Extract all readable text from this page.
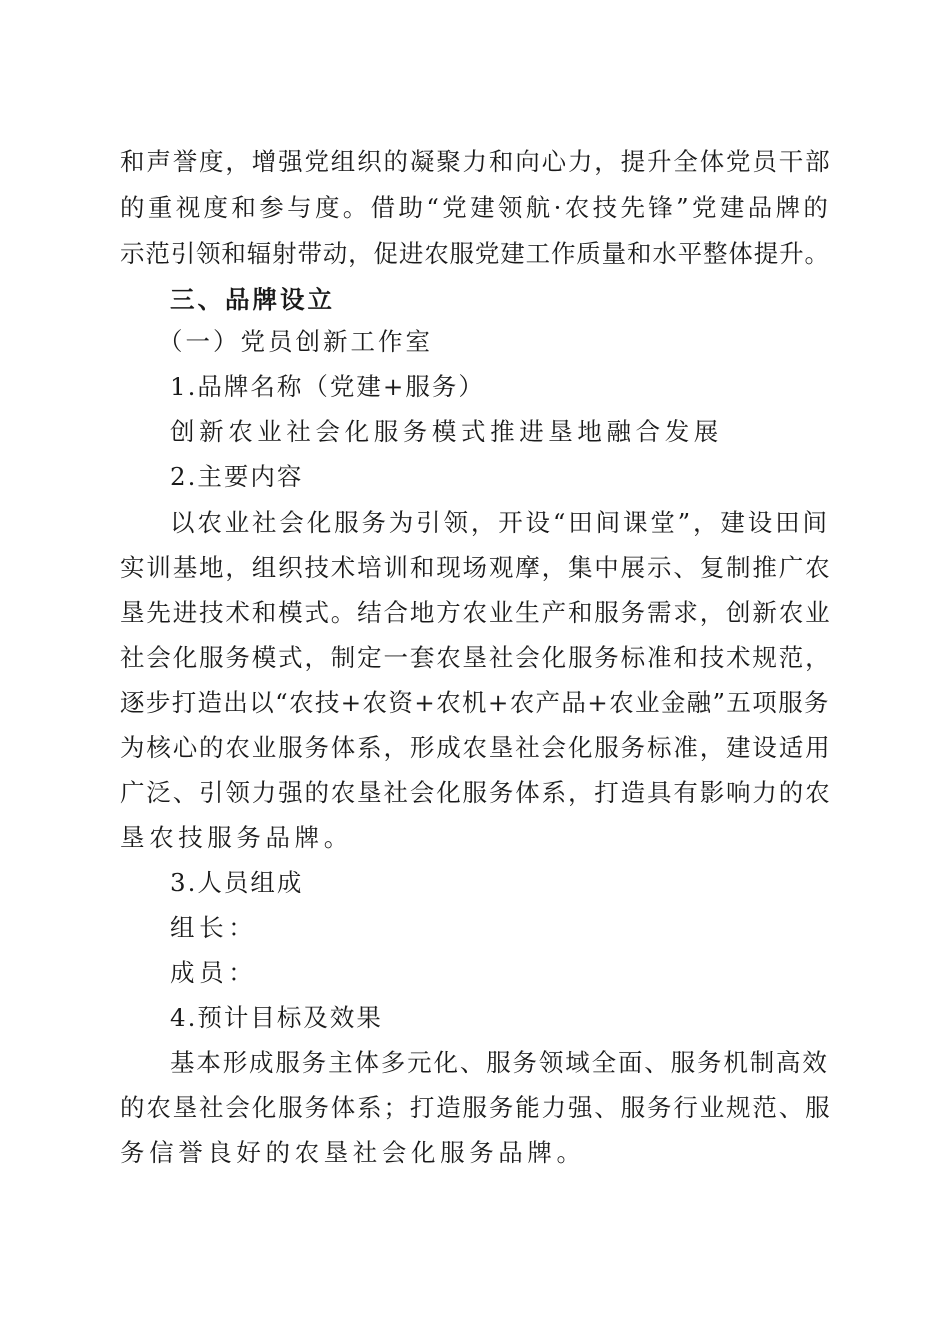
和声誉度，增强党组织的凝聚力和向心力，提升全体党员干部
的重视度和参与度。借助“党建领航·农技先锋”党建品牌的
示范引领和辐射带动，促进农服党建工作质量和水平整体提升。
三、品牌设立
（一）党员创新工作室
1.品牌名称（党建+服务）
创新农业社会化服务模式推进垦地融合发展
2.主要内容
以农业社会化服务为引领，开设“田间课堂”，建设田间
实训基地，组织技术培训和现场观摩，集中展示、复制推广农
垦先进技术和模式。结合地方农业生产和服务需求，创新农业
社会化服务模式，制定一套农垦社会化服务标准和技术规范，
逐步打造出以“农技+农资+农机+农产品+农业金融”五项服务
为核心的农业服务体系，形成农垦社会化服务标准，建设适用
广泛、引领力强的农垦社会化服务体系，打造具有影响力的农
垦农技服务品牌。
3.人员组成
组长：
成员：
4.预计目标及效果
基本形成服务主体多元化、服务领域全面、服务机制高效
的农垦社会化服务体系；打造服务能力强、服务行业规范、服
务信誉良好的农垦社会化服务品牌。
